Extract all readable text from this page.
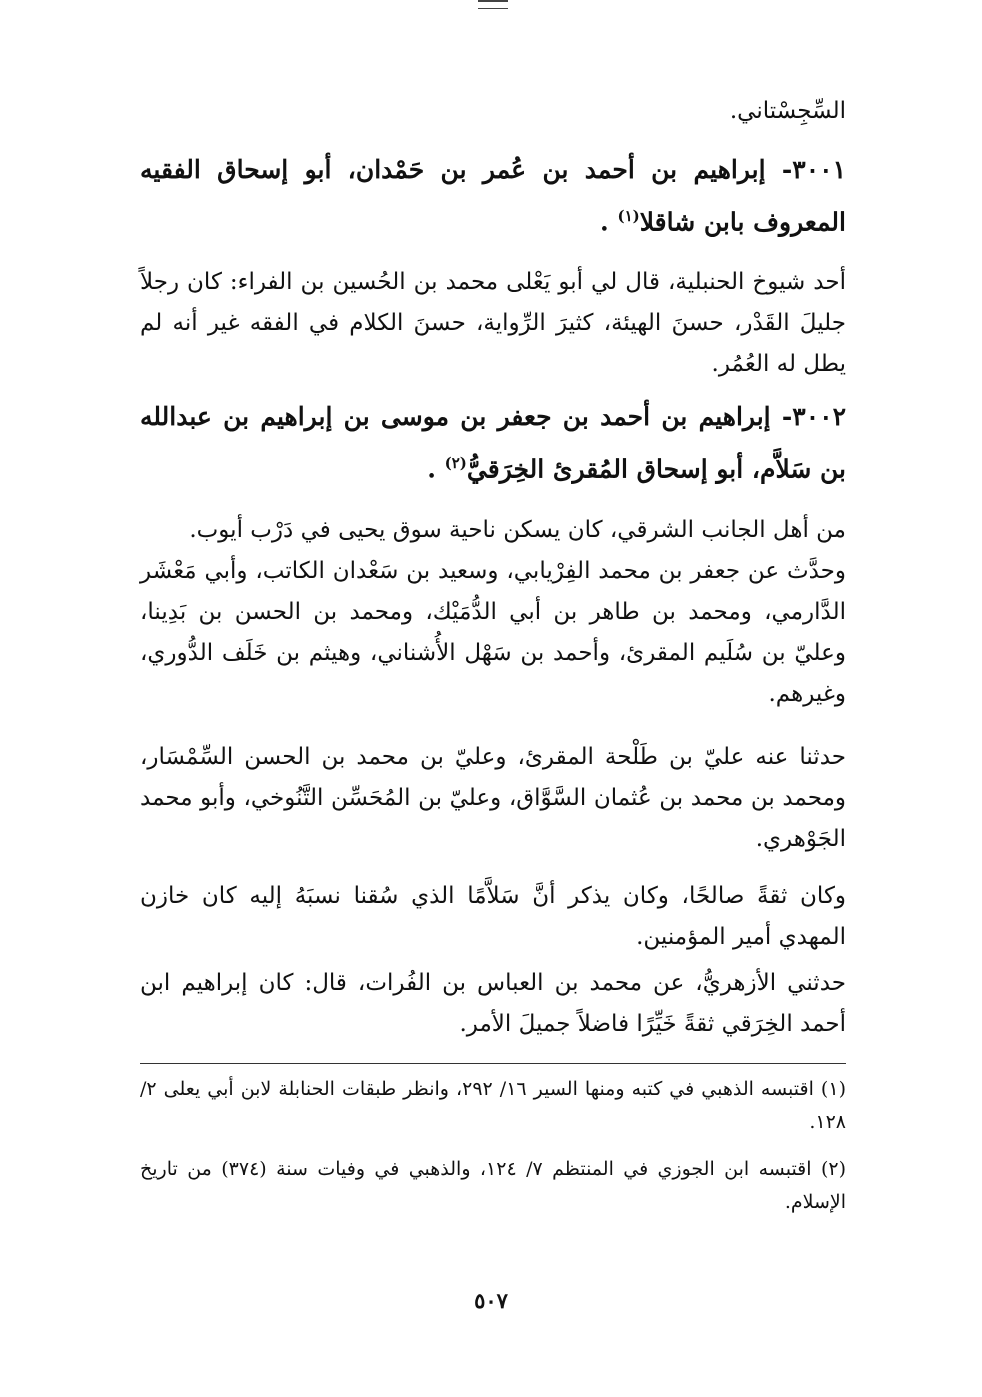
السِّجِسْتاني.
٣٠٠١- إبراهيم بن أحمد بن عُمر بن حَمْدان، أبو إسحاق الفقيه المعروف بابن شاقلا$^{(١)}$ .
أحد شيوخ الحنبلية، قال لي أبو يَعْلى محمد بن الحُسين بن الفراء: كان رجلاً جليلَ القَدْر، حسنَ الهيئة، كثيرَ الرِّواية، حسنَ الكلام في الفقه غير أنه لم يطل له العُمُر.
٣٠٠٢- إبراهيم بن أحمد بن جعفر بن موسى بن إبراهيم بن عبدالله بن سَلاَّم، أبو إسحاق المُقرئ الخِرَقيُّ$^{(٢)}$ .
من أهل الجانب الشرقي، كان يسكن ناحية سوق يحيى في دَرْب أيوب.
وحدَّث عن جعفر بن محمد الفِرْيابي، وسعيد بن سَعْدان الكاتب، وأبي مَعْشَر الدَّارمي، ومحمد بن طاهر بن أبي الدُّمَيْك، ومحمد بن الحسن بن بَدِينا، وعليّ بن سُلَيم المقرئ، وأحمد بن سَهْل الأُشناني، وهيثم بن خَلَف الدُّوري، وغيرهم.
حدثنا عنه عليّ بن طَلْحة المقرئ، وعليّ بن محمد بن الحسن السِّمْسَار، ومحمد بن محمد بن عُثمان السَّوَّاق، وعليّ بن المُحَسِّن التَّنُوخي، وأبو محمد الجَوْهري.
وكان ثقةً صالحًا، وكان يذكر أنَّ سَلاَّمًا الذي سُقنا نسبَهُ إليه كان خازن المهدي أمير المؤمنين.
حدثني الأزهريُّ، عن محمد بن العباس بن الفُرات، قال: كان إبراهيم ابن أحمد الخِرَقي ثقةً خَيِّرًا فاضلاً جميلَ الأمر.
(١) اقتبسه الذهبي في كتبه ومنها السير ١٦/ ٢٩٢، وانظر طبقات الحنابلة لابن أبي يعلى ٢/ ١٢٨.
(٢) اقتبسه ابن الجوزي في المنتظم ٧/ ١٢٤، والذهبي في وفيات سنة (٣٧٤) من تاريخ الإسلام.
٥٠٧
